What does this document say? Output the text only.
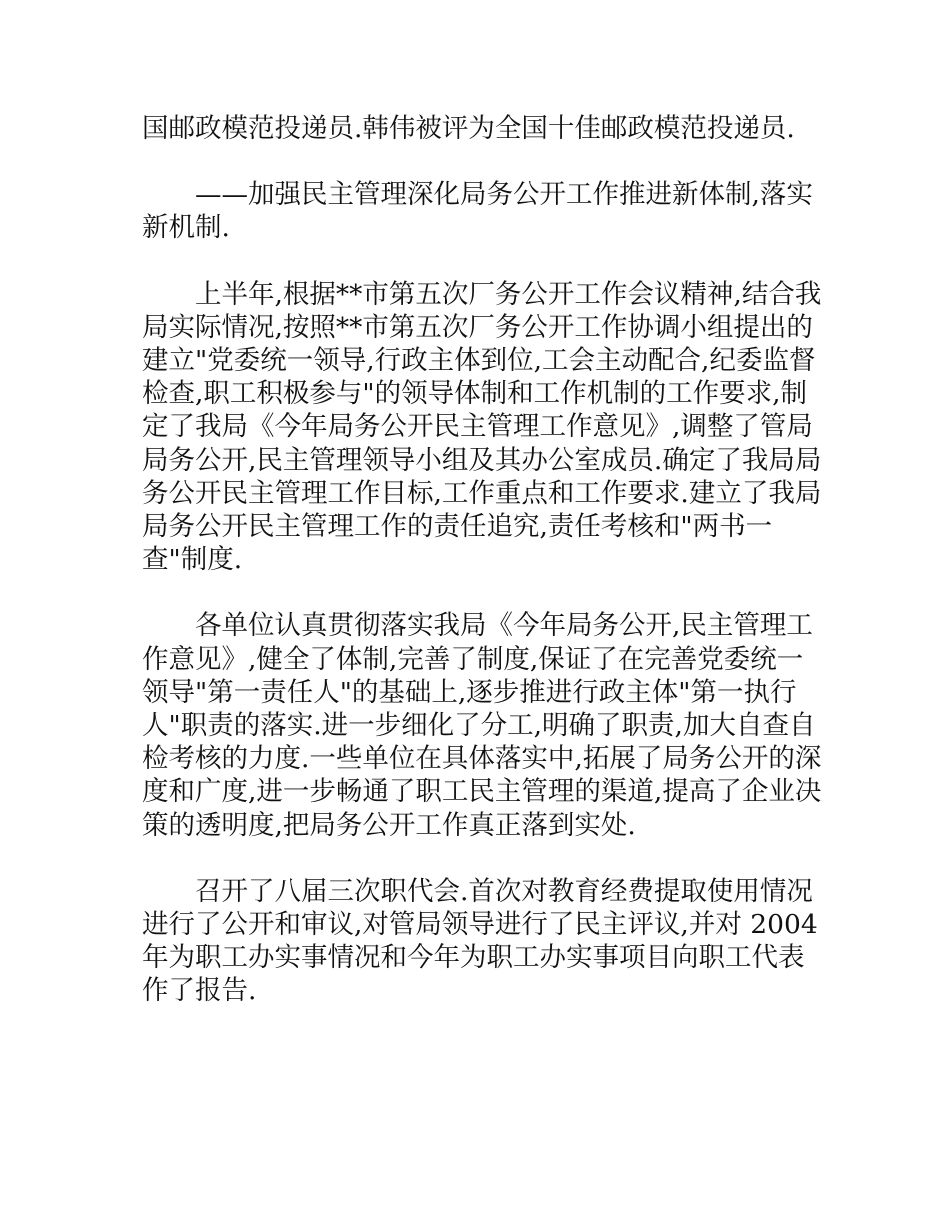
国邮政模范投递员.韩伟被评为全国十佳邮政模范投递员.

——加强民主管理深化局务公开工作推进新体制,落实新机制.

上半年,根据**市第五次厂务公开工作会议精神,结合我局实际情况,按照**市第五次厂务公开工作协调小组提出的建立"党委统一领导,行政主体到位,工会主动配合,纪委监督检查,职工积极参与"的领导体制和工作机制的工作要求,制定了我局《今年局务公开民主管理工作意见》,调整了管局局务公开,民主管理领导小组及其办公室成员.确定了我局局务公开民主管理工作目标,工作重点和工作要求.建立了我局局务公开民主管理工作的责任追究,责任考核和"两书一查"制度.

各单位认真贯彻落实我局《今年局务公开,民主管理工作意见》,健全了体制,完善了制度,保证了在完善党委统一领导"第一责任人"的基础上,逐步推进行政主体"第一执行人"职责的落实.进一步细化了分工,明确了职责,加大自查自检考核的力度.一些单位在具体落实中,拓展了局务公开的深度和广度,进一步畅通了职工民主管理的渠道,提高了企业决策的透明度,把局务公开工作真正落到实处.

召开了八届三次职代会.首次对教育经费提取使用情况进行了公开和审议,对管局领导进行了民主评议,并对 2004 年为职工办实事情况和今年为职工办实事项目向职工代表作了报告.
